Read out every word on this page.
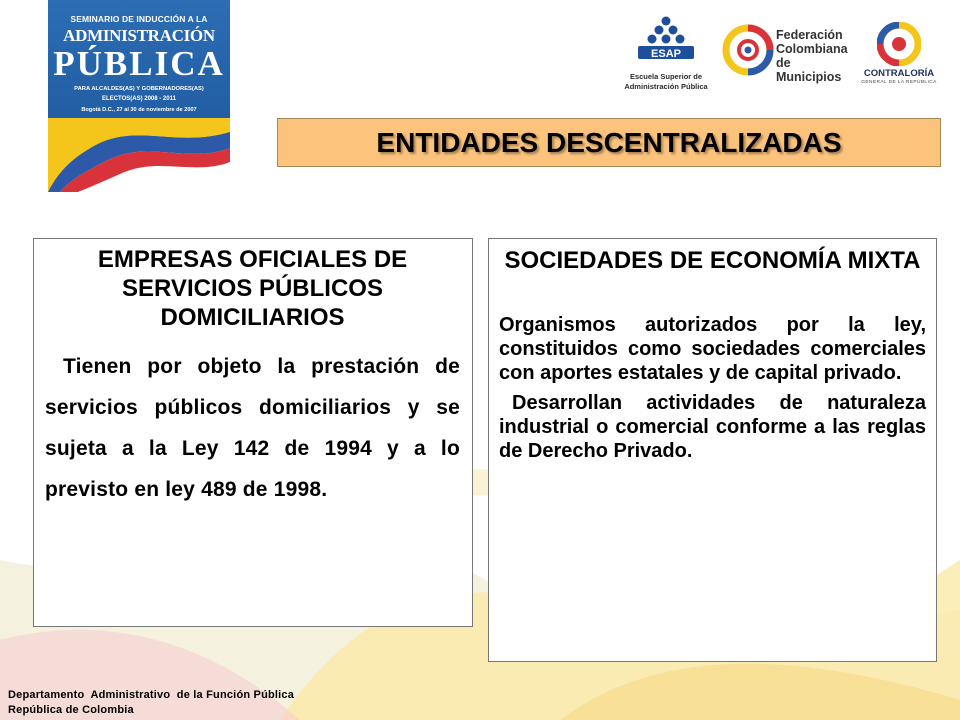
SEMINARIO DE INDUCCIÓN A LA
ADMINISTRACIÓN
PÚBLICA
PARA ALCALDES(AS) Y GOBERNADORES(AS)
ELECTOS(AS) 2008 - 2011
Bogotá D.C., 27 al 30 de noviembre de 2007
ESAP
Escuela Superior de
Administración Pública
Federación
Colombiana
de Municipios	CONTRALORÍA
GENERAL DE LA REPÚBLICA
ENTIDADES DESCENTRALIZADAS
EMPRESAS OFICIALES DE SERVICIOS PÚBLICOS DOMICILIARIOS
Tienen por objeto la prestación de servicios públicos domiciliarios y se sujeta a la Ley 142 de 1994 y a lo previsto en ley 489 de 1998.
SOCIEDADES DE ECONOMÍA MIXTA
Organismos autorizados por la ley, constituidos como sociedades comerciales con aportes estatales y de capital privado.
Desarrollan actividades de naturaleza industrial o comercial conforme a las reglas de Derecho Privado.
Departamento  Administrativo  de la Función Pública
República de Colombia
